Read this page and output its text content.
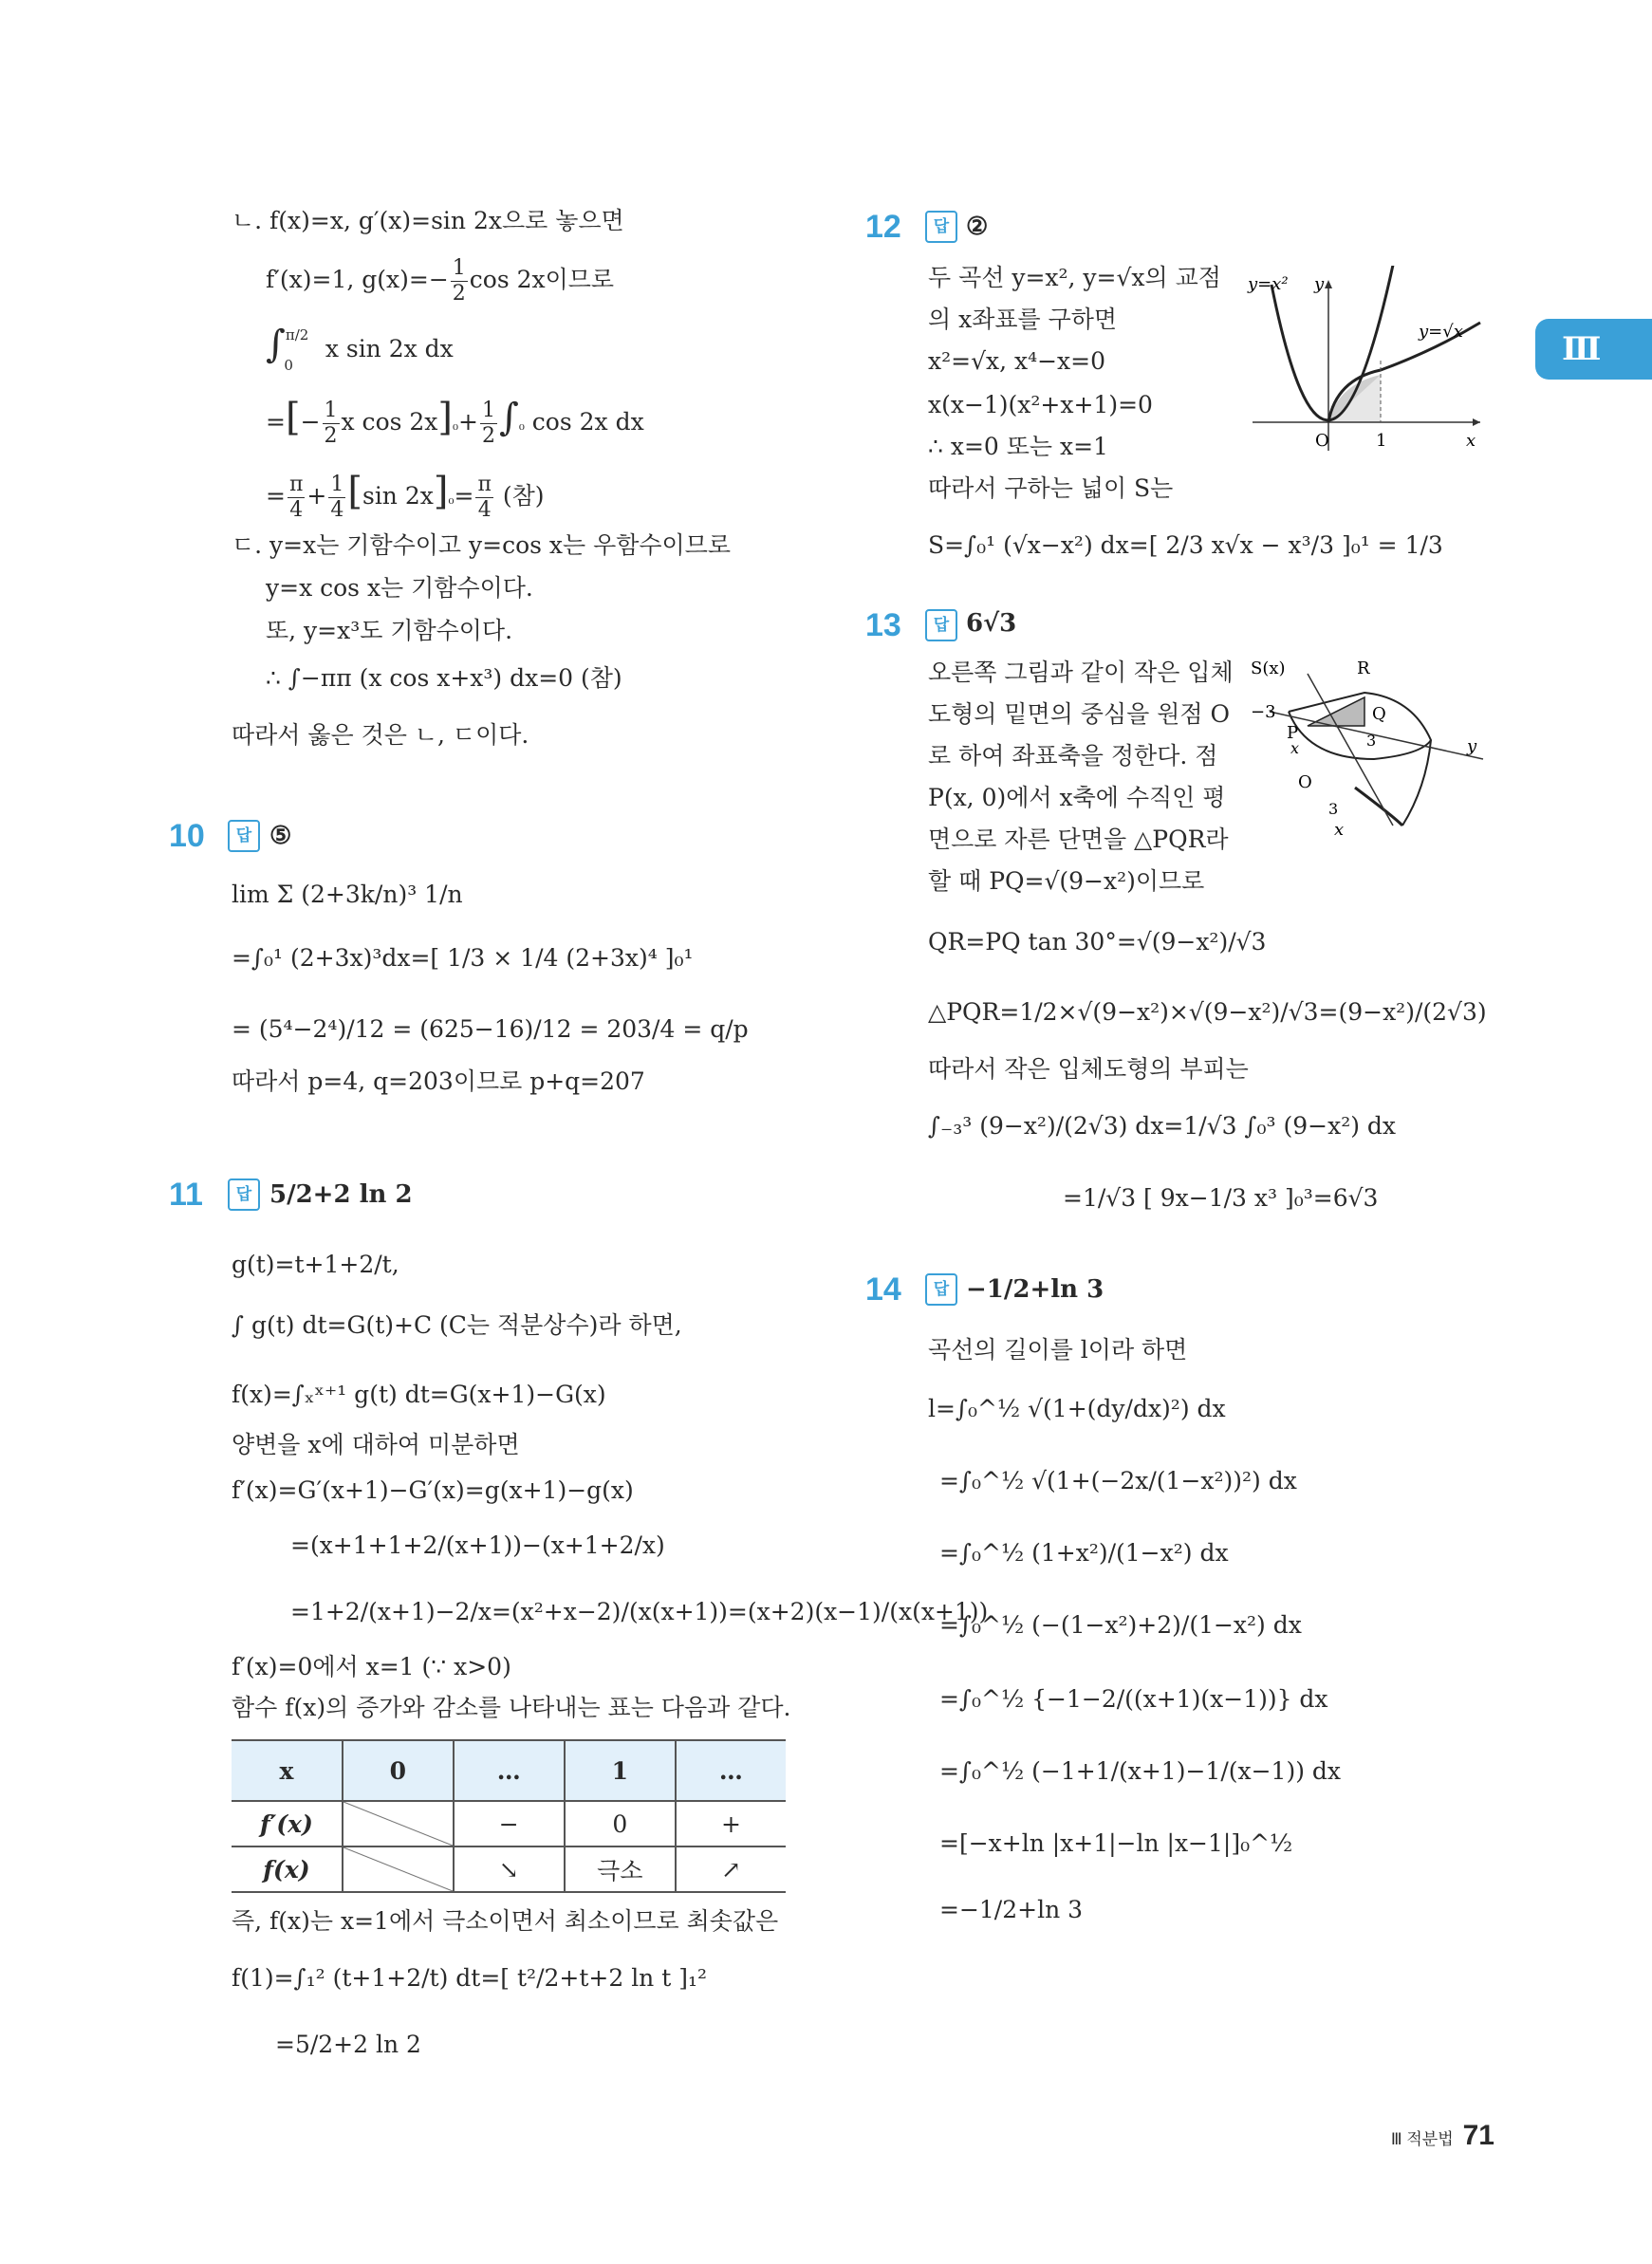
Ⅲ
ㄴ. f(x)=x, g′(x)=sin 2x으로 놓으면
f′(x)=1, $g(x)=- \frac{1}{2}$ cos 2x이므로
∫$^{\pi/2}_0$ x sin 2x dx
=[− $\frac{1}{2}$ x $\cos 2x]_0+ \frac{1}{2} \int_0$ cos 2x dx
= $\frac{\pi}{4} + \frac{1}{4} [\sin$ $2x]_0= \frac{\pi}{4}$ (참)
ㄷ. y=x는 기함수이고 y=cos x는 우함수이므로
y=x cos x는 기함수이다.
또, y=x³도 기함수이다.
∴ ∫−ππ (x cos x+x³) dx=0 (참)
따라서 옳은 것은 ㄴ, ㄷ이다.
10	답 ⑤
lim Σ (2+3k/n)³ 1/n
=∫₀¹ (2+3x)³dx=[ 1/3 × 1/4 (2+3x)⁴ ]₀¹
= (5⁴−2⁴)/12 = (625−16)/12 = 203/4 = q/p
따라서 p=4, q=203이므로 p+q=207
11	답 5/2+2 ln 2
g(t)=t+1+2/t,
∫ g(t) dt=G(t)+C (C는 적분상수)라 하면,
f(x)=∫ₓˣ⁺¹ g(t) dt=G(x+1)−G(x)
양변을 x에 대하여 미분하면
f′(x)=G′(x+1)−G′(x)=g(x+1)−g(x)
=(x+1+1+2/(x+1))−(x+1+2/x)
=1+2/(x+1)−2/x=(x²+x−2)/(x(x+1))=(x+2)(x−1)/(x(x+1))
f′(x)=0에서 x=1 (∵ x>0)
함수 f(x)의 증가와 감소를 나타내는 표는 다음과 같다.
x	0	…	1	…
f′(x)		−	0	+
f(x)		↘	극소	↗
즉, f(x)는 x=1에서 극소이면서 최소이므로 최솟값은
f(1)=∫₁² (t+1+2/t) dt=[ t²/2+t+2 ln t ]₁²
=5/2+2 ln 2
12	답 ②
두 곡선 y=x², y=√x의 교점
의 x좌표를 구하면
x²=√x, x⁴−x=0
x(x−1)(x²+x+1)=0
∴ x=0 또는 x=1
따라서 구하는 넓이 S는
S=∫₀¹ (√x−x²) dx=[ 2/3 x√x − x³/3 ]₀¹ = 1/3
y=x² y
y=√x
O	1	x
13	답 6√3
오른쪽 그림과 같이 작은 입체
도형의 밑면의 중심을 원점 O
로 하여 좌표축을 정한다. 점
P(x, 0)에서 x축에 수직인 평
면으로 자른 단면을 △PQR라
할 때 PQ=√(9−x²)이므로
QR=PQ tan 30°=√(9−x²)/√3
△PQR=1/2×√(9−x²)×√(9−x²)/√3=(9−x²)/(2√3)
따라서 작은 입체도형의 부피는
∫₋₃³ (9−x²)/(2√3) dx=1/√3 ∫₀³ (9−x²) dx
=1/√3 [ 9x−1/3 x³ ]₀³=6√3
S(x)	R
Q
P
O
−3
3
3
x
x
y
14	답 −1/2+ln 3
곡선의 길이를 l이라 하면
l=∫₀^½ √(1+(dy/dx)²) dx
=∫₀^½ √(1+(−2x/(1−x²))²) dx
=∫₀^½ (1+x²)/(1−x²) dx
=∫₀^½ (−(1−x²)+2)/(1−x²) dx
=∫₀^½ {−1−2/((x+1)(x−1))} dx
=∫₀^½ (−1+1/(x+1)−1/(x−1)) dx
=[−x+ln |x+1|−ln |x−1|]₀^½
=−1/2+ln 3
Ⅲ 적분법 71
